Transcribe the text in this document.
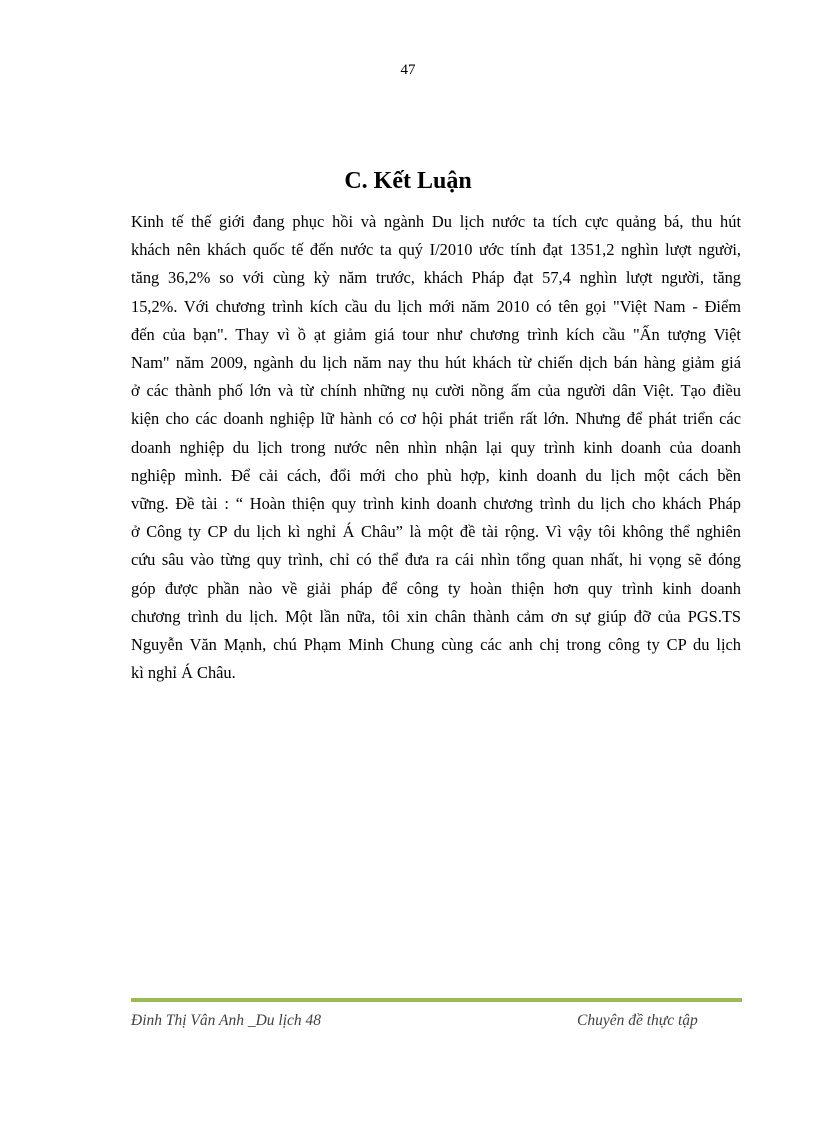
47
C. Kết Luận
Kinh tế thế giới đang phục hồi và ngành Du lịch nước ta tích cực quảng bá, thu hút
khách nên khách quốc tế đến nước ta quý I/2010 ước tính đạt 1351,2 nghìn lượt người,
tăng 36,2% so với cùng kỳ năm trước, khách Pháp đạt 57,4 nghìn lượt người, tăng
15,2%. Với chương trình kích cầu du lịch mới năm 2010 có tên gọi "Việt Nam - Điểm
đến của bạn". Thay vì ồ ạt giảm giá tour như chương trình kích cầu "Ấn tượng Việt
Nam" năm 2009, ngành du lịch năm nay thu hút khách từ chiến dịch bán hàng giảm giá
ở các thành phố lớn và từ chính những nụ cười nồng ấm của người dân Việt. Tạo điều
kiện cho các doanh nghiệp lữ hành có cơ hội phát triển rất lớn. Nhưng để phát triển các
doanh nghiệp du lịch trong nước nên nhìn nhận lại quy trình kinh doanh của doanh
nghiệp mình. Để cải cách, đổi mới cho phù hợp, kinh doanh du lịch một cách bền
vững. Đề tài : “ Hoàn thiện quy trình kinh doanh chương trình du lịch cho khách Pháp
ở Công ty CP du lịch kì nghỉ Á Châu” là một đề tài rộng. Vì vậy tôi không thể nghiên
cứu sâu vào từng quy trình, chỉ có thể đưa ra cái nhìn tổng quan nhất, hi vọng sẽ đóng
góp được phần nào về giải pháp để công ty hoàn thiện hơn quy trình kinh doanh
chương trình du lịch. Một lần nữa, tôi xin chân thành cảm ơn sự giúp đỡ của PGS.TS
Nguyễn Văn Mạnh, chú Phạm Minh Chung cùng các anh chị trong công ty CP du lịch
kì nghỉ Á Châu.
Đinh Thị Vân Anh _Du lịch 48	Chuyên đề thực tập
